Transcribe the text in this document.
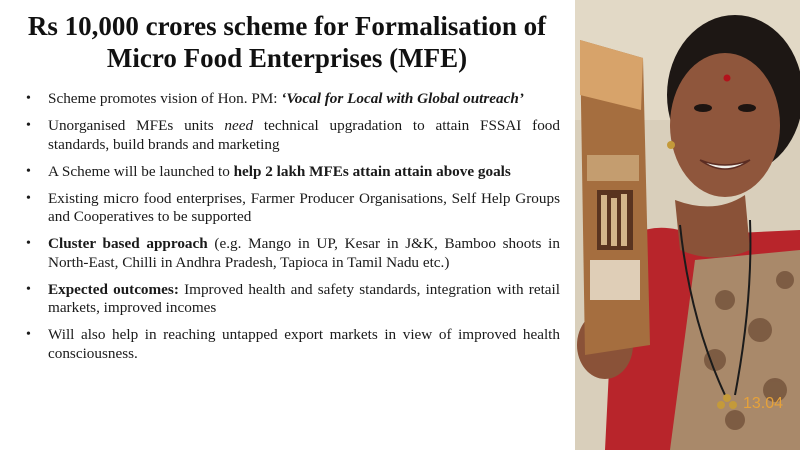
Rs 10,000 crores scheme for Formalisation of
Micro Food Enterprises (MFE)
• Scheme promotes vision of Hon. PM: ‘Vocal for Local with Global outreach’
• Unorganised MFEs units need technical upgradation to attain FSSAI food standards, build brands and marketing
• A Scheme will be launched to help 2 lakh MFEs attain attain above goals
• Existing micro food enterprises, Farmer Producer Organisations, Self Help Groups and Cooperatives to be supported
• Cluster based approach (e.g. Mango in UP, Kesar in J&K, Bamboo shoots in North-East, Chilli in Andhra Pradesh, Tapioca in Tamil Nadu etc.)
• Expected outcomes: Improved health and safety standards, integration with retail markets, improved incomes
• Will also help in reaching untapped export markets in view of improved health consciousness.
13.04
